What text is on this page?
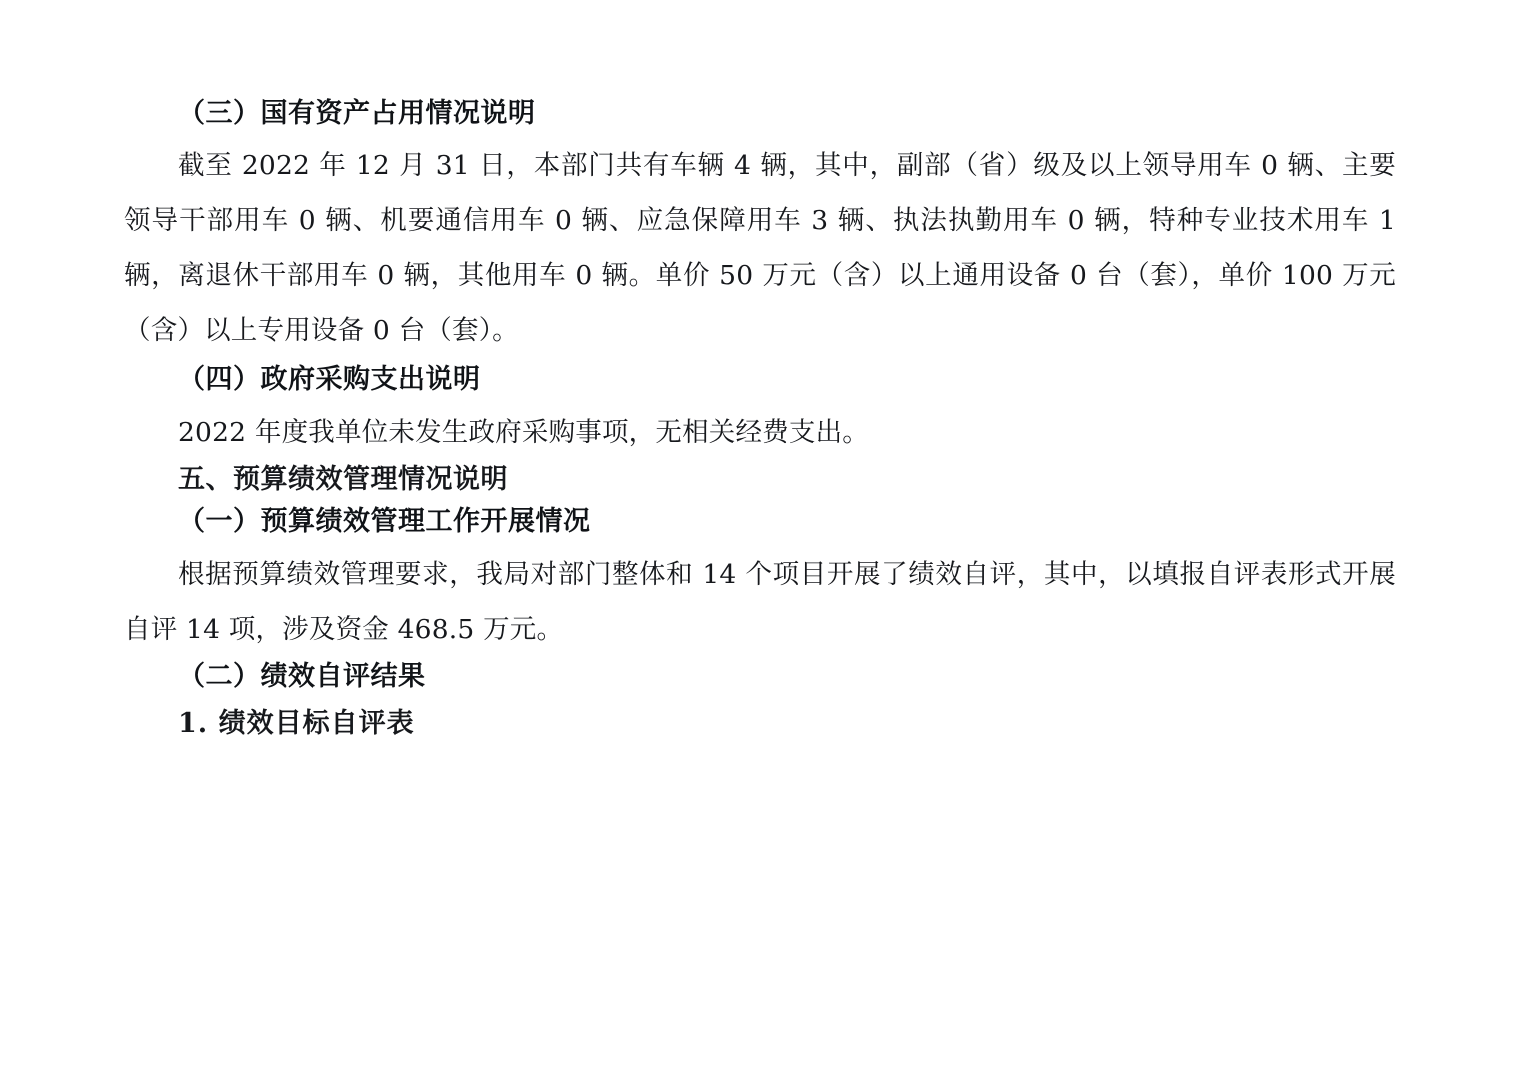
（三）国有资产占用情况说明

截至 2022 年 12 月 31 日，本部门共有车辆 4 辆，其中，副部（省）级及以上领导用车 0 辆、主要领导干部用车 0 辆、机要通信用车 0 辆、应急保障用车 3 辆、执法执勤用车 0 辆，特种专业技术用车 1 辆，离退休干部用车 0 辆，其他用车 0 辆。单价 50 万元（含）以上通用设备 0 台（套），单价 100 万元（含）以上专用设备 0 台（套）。

（四）政府采购支出说明

2022 年度我单位未发生政府采购事项，无相关经费支出。

五、预算绩效管理情况说明
（一）预算绩效管理工作开展情况

根据预算绩效管理要求，我局对部门整体和 14 个项目开展了绩效自评，其中，以填报自评表形式开展自评 14 项，涉及资金 468.5 万元。

（二）绩效自评结果
1. 绩效目标自评表
